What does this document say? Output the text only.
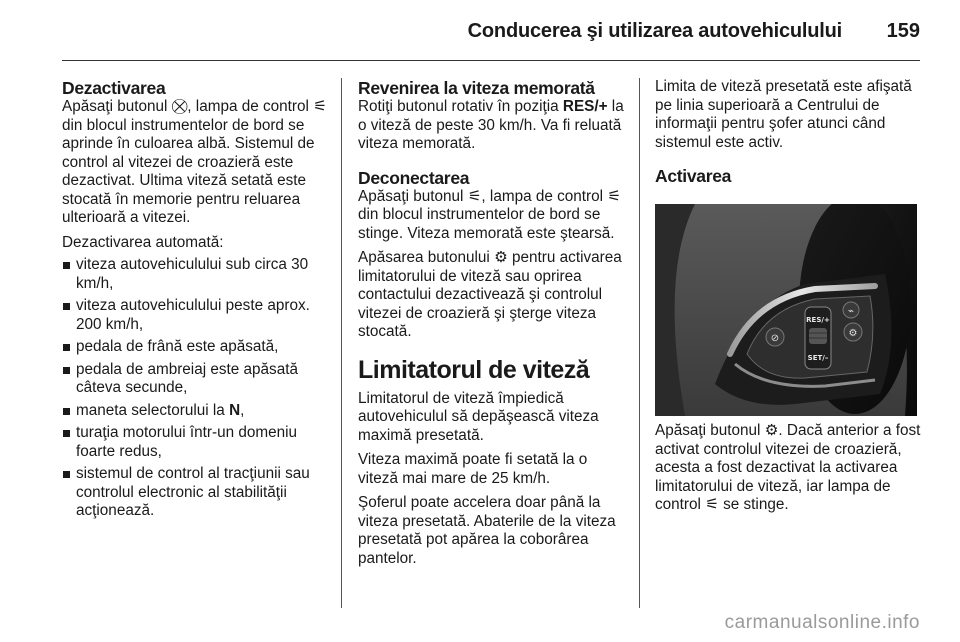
Conducerea şi utilizarea autovehiculului 159
Dezactivarea

Apăsaţi butonul ⛒, lampa de control ⚟ din blocul instrumentelor de bord se aprinde în culoarea albă. Sistemul de control al vitezei de croazieră este dezactivat. Ultima viteză setată este stocată în memorie pentru reluarea ulterioară a vitezei.

Dezactivarea automată:

viteza autovehiculului sub circa 30 km/h,
viteza autovehiculului peste aprox. 200 km/h,
pedala de frână este apăsată,
pedala de ambreiaj este apăsată câteva secunde,
maneta selectorului la N,
turaţia motorului într-un domeniu foarte redus,
sistemul de control al tracţiunii sau controlul electronic al stabilităţii acţionează.
Revenirea la viteza memorată

Rotiţi butonul rotativ în poziţia RES/+ la o viteză de peste 30 km/h. Va fi reluată viteza memorată.

Deconectarea

Apăsaţi butonul ⚟, lampa de control ⚟ din blocul instrumentelor de bord se stinge. Viteza memorată este ştearsă.

Apăsarea butonului ⚙ pentru activarea limitatorului de viteză sau oprirea contactului dezactivează şi controlul vitezei de croazieră şi şterge viteza stocată.

Limitatorul de viteză

Limitatorul de viteză împiedică autovehiculul să depăşească viteza maximă presetată.

Viteza maximă poate fi setată la o viteză mai mare de 25 km/h.

Şoferul poate accelera doar până la viteza presetată. Abaterile de la viteza presetată pot apărea la coborârea pantelor.

Limita de viteză presetată este afişată pe linia superioară a Centrului de informaţii pentru şofer atunci când sistemul este activ.

Activarea
⊘
RES/+
SET/–
⌁
⚙

Apăsaţi butonul ⚙. Dacă anterior a fost activat controlul vitezei de croazieră, acesta a fost dezactivat la activarea limitatorului de viteză, iar lampa de control ⚟ se stinge.

carmanualsonline.info
